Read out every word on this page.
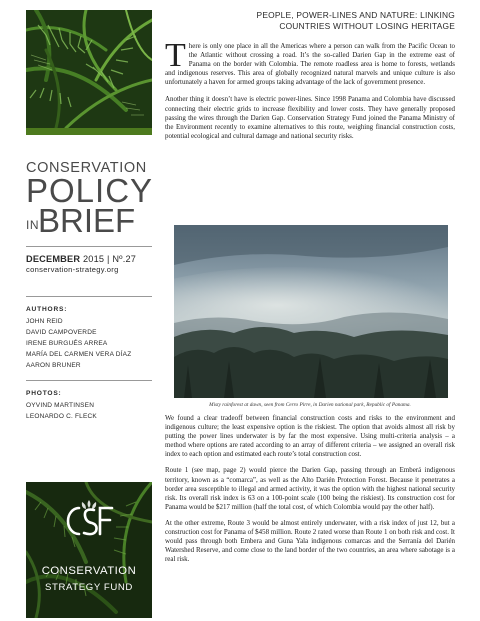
CONSERVATION
POLICY
INBRIEF
DECEMBER 2015 | Nº.27
conservation-strategy.org
AUTHORS:
JOHN REID
DAVID CAMPOVERDE
IRENE BURGUÉS ARREA
MARÍA DEL CARMEN VERA DÍAZ
AARON BRUNER
PHOTOS:
OYVIND MARTINSEN
LEONARDO C. FLECK
CONSERVATION
STRATEGY FUND
PEOPLE, POWER-LINES AND NATURE: LINKING
COUNTRIES WITHOUT LOSING HERITAGE
There is only one place in all the Americas where a person can walk from the Pacific Ocean to the Atlantic without crossing a road. It’s the so-called Darien Gap in the extreme east of Panama on the border with Colombia. The remote roadless area is home to forests, wetlands and indigenous reserves. This area of globally recognized natural marvels and unique culture is also unfortunately a haven for armed groups taking advantage of the lack of government presence.
Another thing it doesn’t have is electric power-lines. Since 1998 Panama and Colombia have discussed connecting their electric grids to increase flexibility and lower costs. They have generally proposed passing the wires through the Darien Gap. Conservation Strategy Fund joined the Panama Ministry of the Environment recently to examine alternatives to this route, weighing financial construction costs, potential ecological and cultural damage and national security risks.
Misty rainforest at dawn, seen from Cerro Pirre, in Darien national park, Republic of Panama.
We found a clear tradeoff between financial construction costs and risks to the environment and indigenous culture; the least expensive option is the riskiest. The option that avoids almost all risk by putting the power lines underwater is by far the most expensive. Using multi-criteria analysis – a method where options are rated according to an array of different criteria – we assigned an overall risk index to each option and estimated each route’s total construction cost.
Route 1 (see map, page 2) would pierce the Darien Gap, passing through an Emberá indigenous territory, known as a “comarca”, as well as the Alto Darién Protection Forest. Because it penetrates a border area susceptible to illegal and armed activity, it was the option with the highest national security risk. Its overall risk index is 63 on a 100-point scale (100 being the riskiest). Its construction cost for Panama would be $217 million (half the total cost, of which Colombia would pay the other half).
At the other extreme, Route 3 would be almost entirely underwater, with a risk index of just 12, but a construction cost for Panama of $458 million. Route 2 rated worse than Route 1 on both risk and cost. It would pass through both Embera and Guna Yala indigenous comarcas and the Serranía del Darién Watershed Reserve, and come close to the land border of the two countries, an area where sabotage is a real risk.
